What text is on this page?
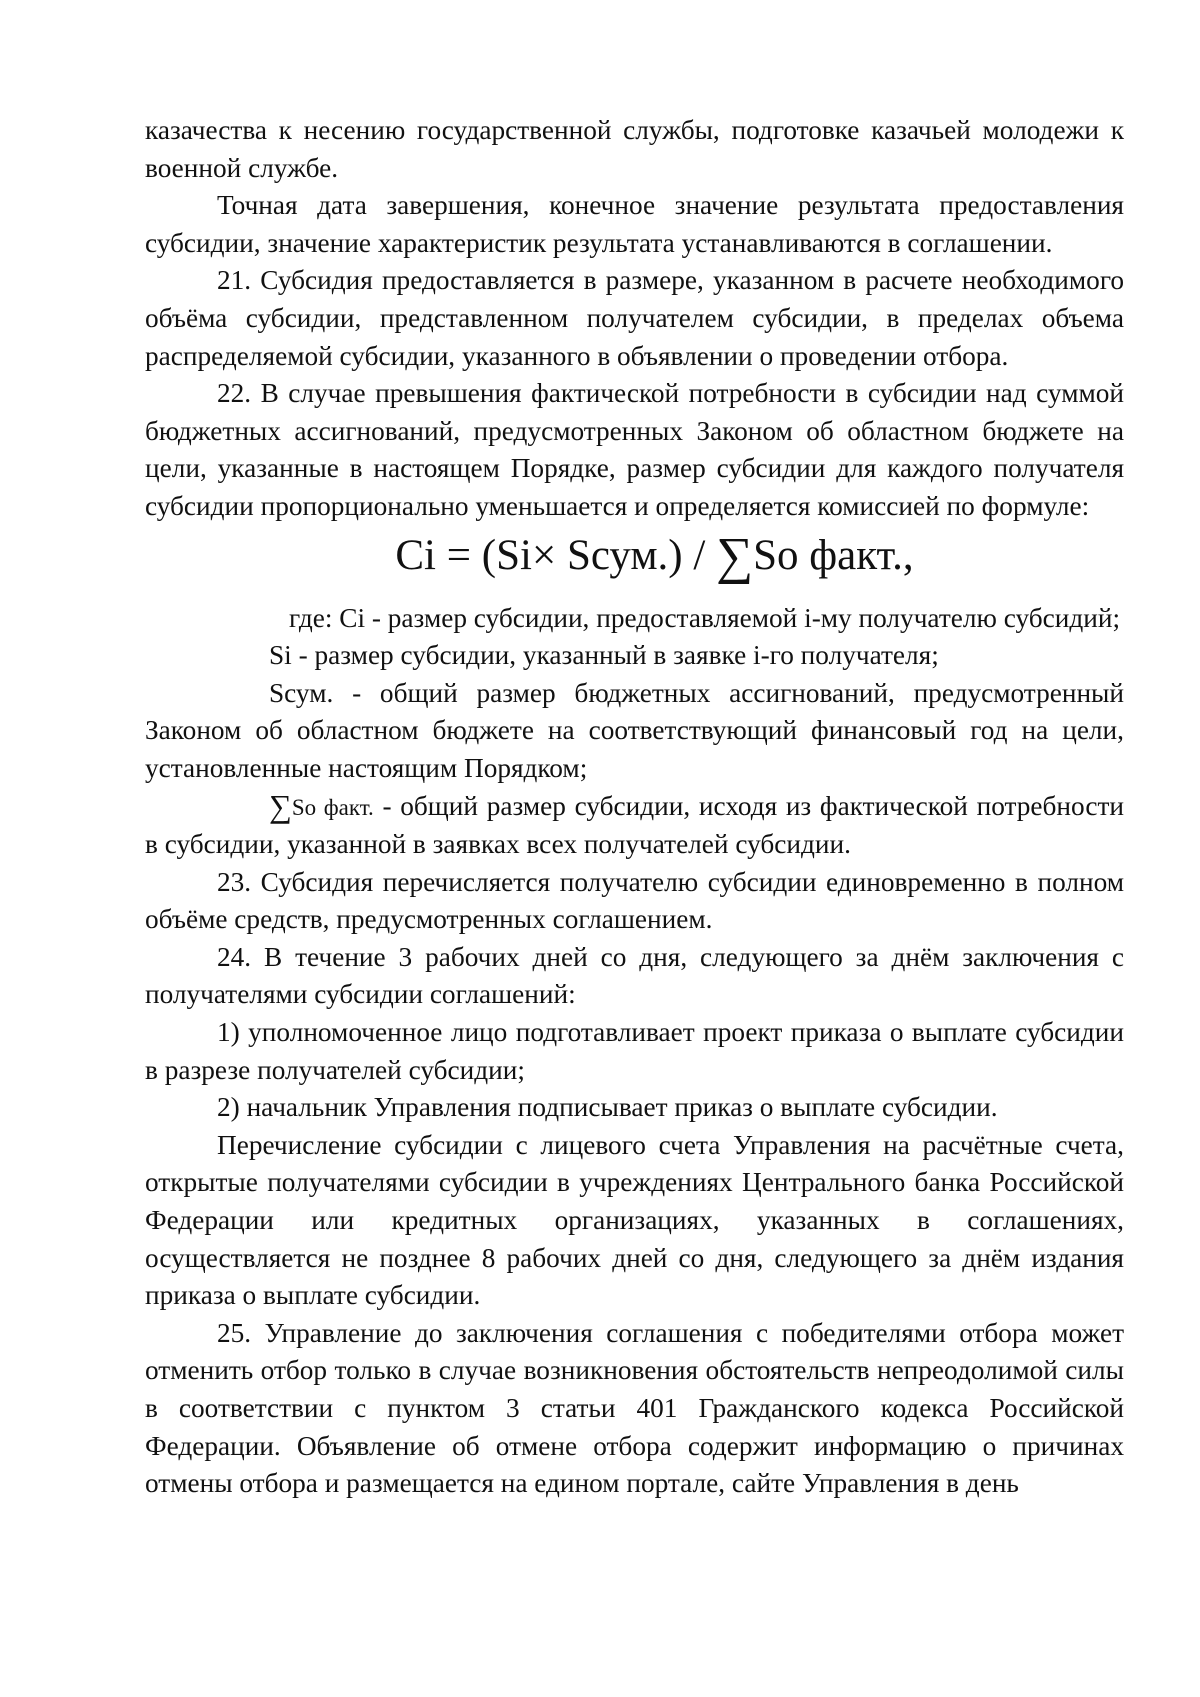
казачества к несению государственной службы, подготовке казачьей молодежи к военной службе.

Точная дата завершения, конечное значение результата предоставления субсидии, значение характеристик результата устанавливаются в соглашении.

21. Субсидия предоставляется в размере, указанном в расчете необходимого объёма субсидии, представленном получателем субсидии, в пределах объема распределяемой субсидии, указанного в объявлении о проведении отбора.

22. В случае превышения фактической потребности в субсидии над суммой бюджетных ассигнований, предусмотренных Законом об областном бюджете на цели, указанные в настоящем Порядке, размер субсидии для каждого получателя субсидии пропорционально уменьшается и определяется комиссией по формуле:

Ci = (Si× Sсум.) / ∑So факт.,

где: Ci - размер субсидии, предоставляемой i-му получателю субсидий;

Si - размер субсидии, указанный в заявке i-го получателя;

Sсум. - общий размер бюджетных ассигнований, предусмотренный Законом об областном бюджете на соответствующий финансовый год на цели, установленные настоящим Порядком;

∑So факт. - общий размер субсидии, исходя из фактической потребности в субсидии, указанной в заявках всех получателей субсидии.

23. Субсидия перечисляется получателю субсидии единовременно в полном объёме средств, предусмотренных соглашением.

24. В течение 3 рабочих дней со дня, следующего за днём заключения с получателями субсидии соглашений:

1) уполномоченное лицо подготавливает проект приказа о выплате субсидии в разрезе получателей субсидии;

2) начальник Управления подписывает приказ о выплате субсидии.

Перечисление субсидии с лицевого счета Управления на расчётные счета, открытые получателями субсидии в учреждениях Центрального банка Российской Федерации или кредитных организациях, указанных в соглашениях, осуществляется не позднее 8 рабочих дней со дня, следующего за днём издания приказа о выплате субсидии.

25. Управление до заключения соглашения с победителями отбора может отменить отбор только в случае возникновения обстоятельств непреодолимой силы в соответствии с пунктом 3 статьи 401 Гражданского кодекса Российской Федерации. Объявление об отмене отбора содержит информацию о причинах отмены отбора и размещается на едином портале, сайте Управления в день
